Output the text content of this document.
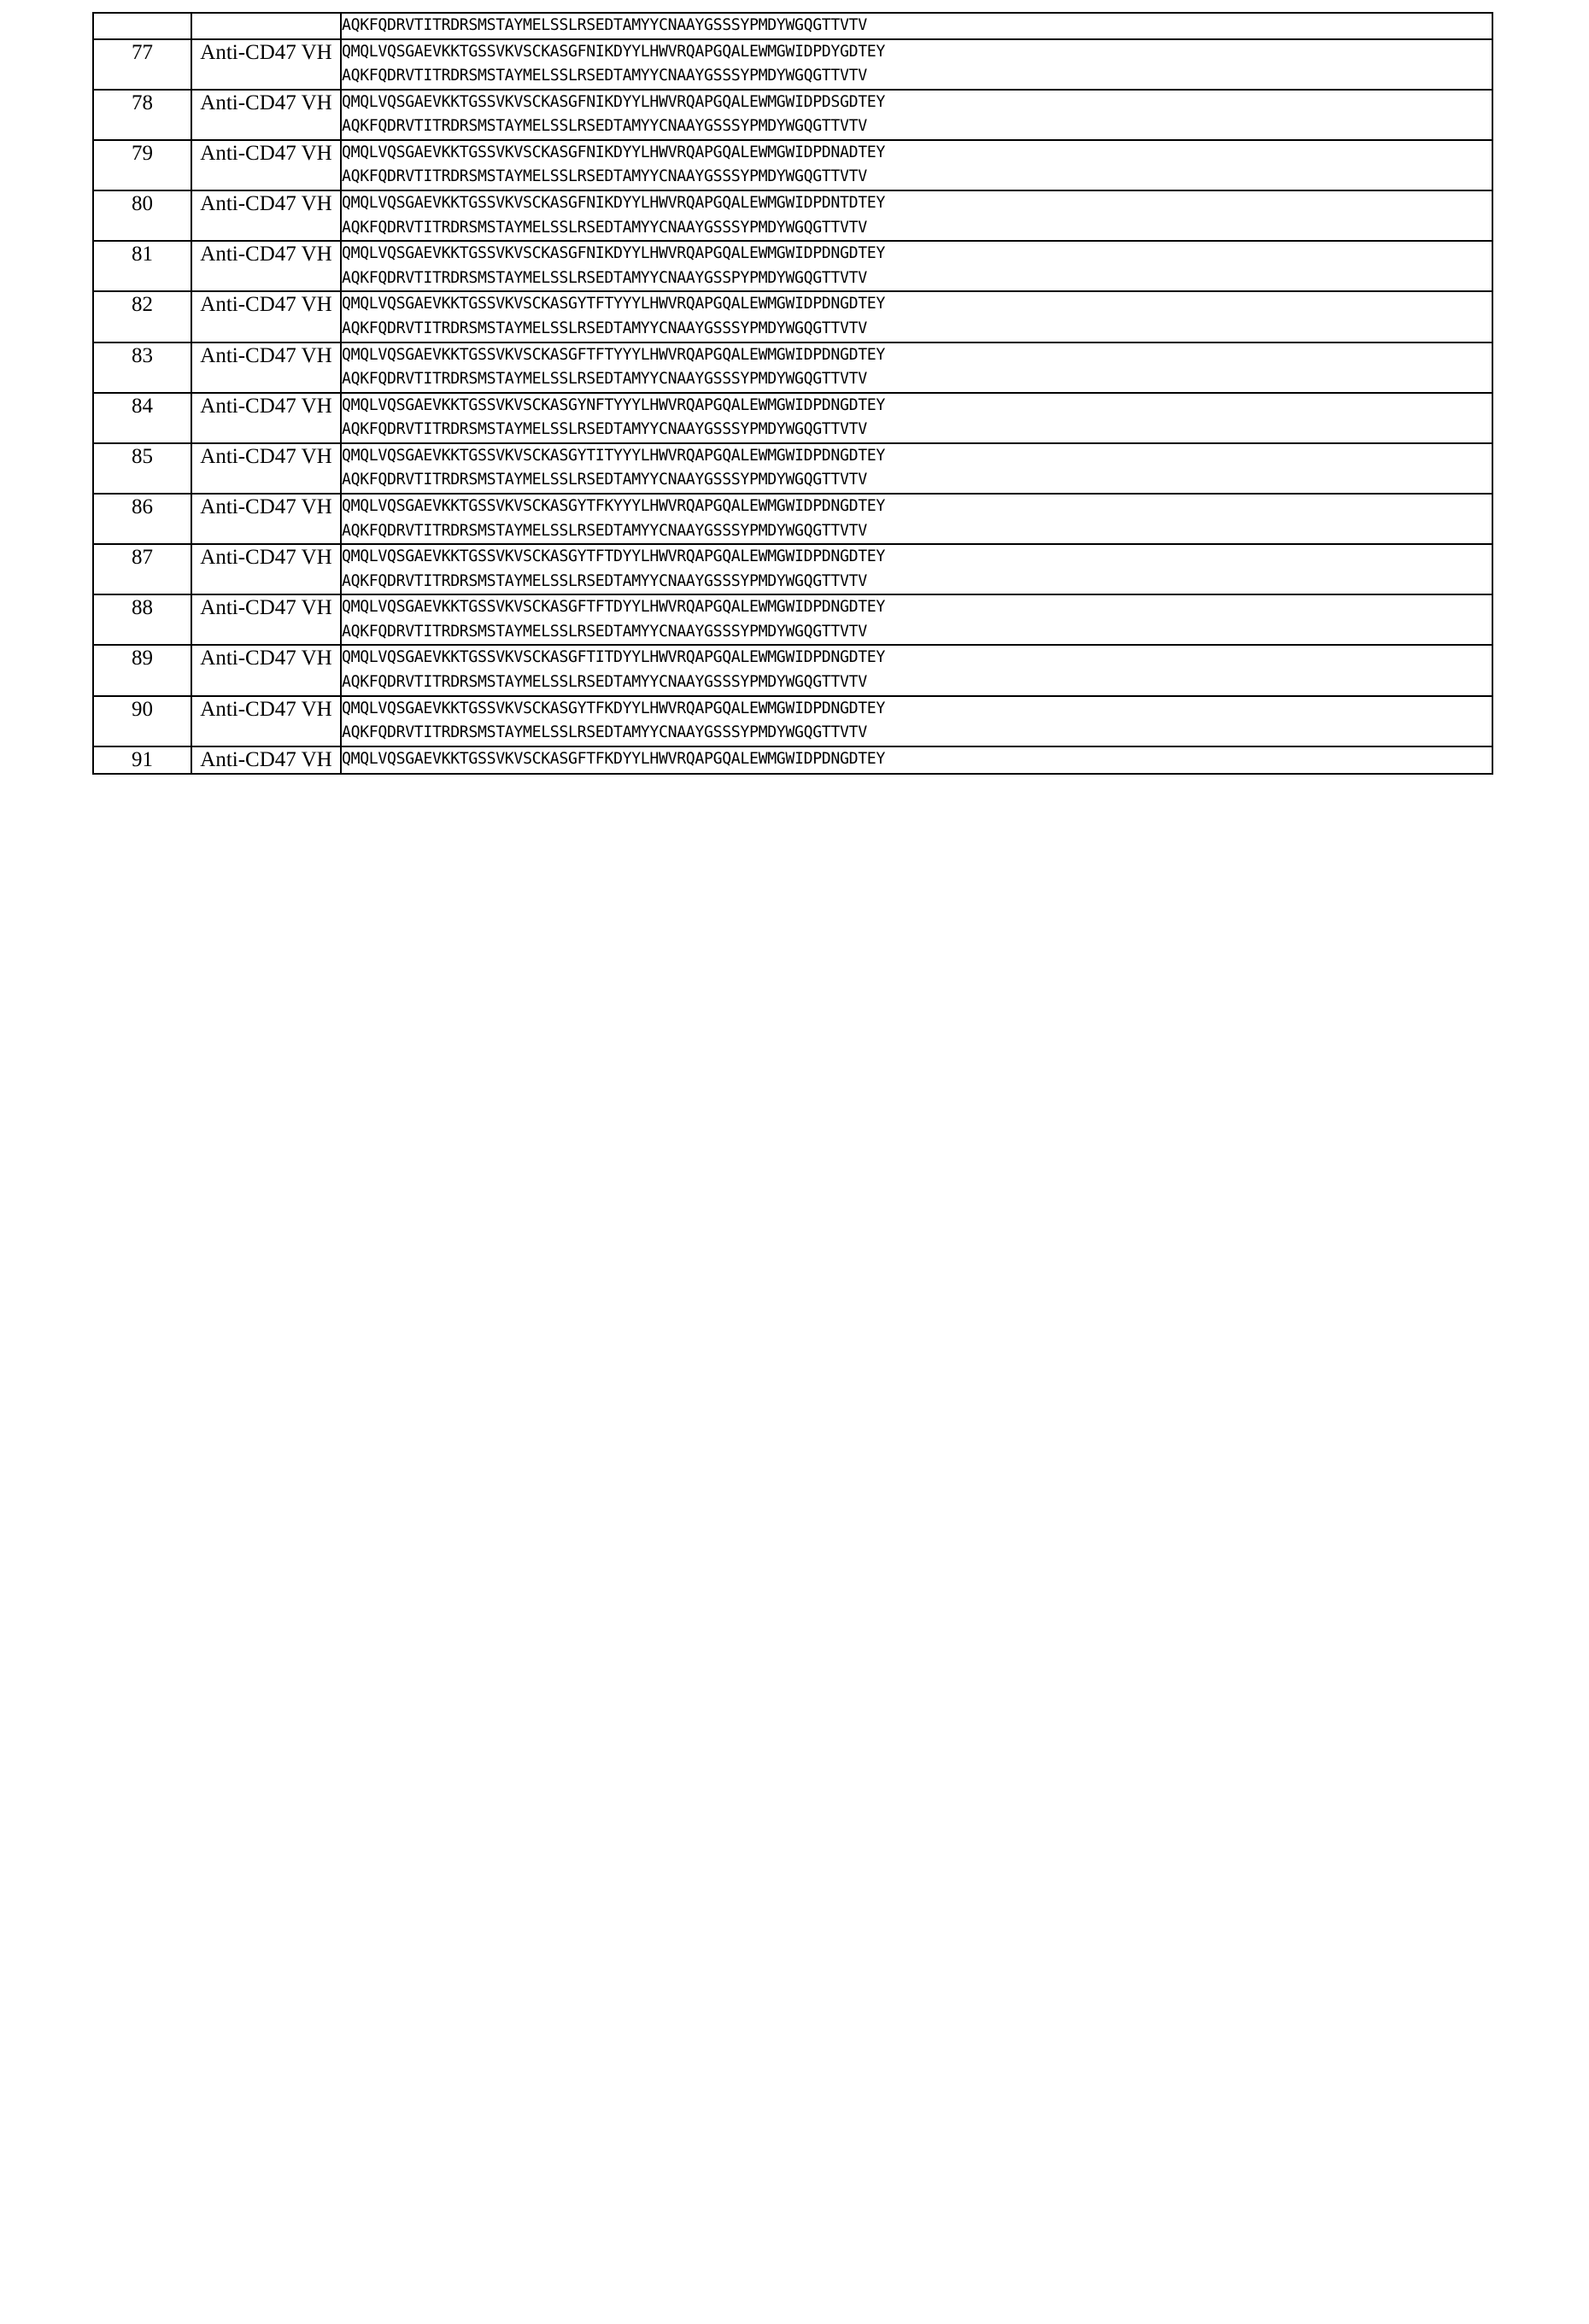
		AQKFQDRVTITRDRSMSTAYMELSSLRSEDTAMYYCNAAYGSSSYPMDYWGQGTTVTV

77	Anti-CD47 VH	QMQLVQSGAEVKKTGSSVKVSCKASGFNIKDYYLHWVRQAPGQALEWMGWIDPDYGDTEY

AQKFQDRVTITRDRSMSTAYMELSSLRSEDTAMYYCNAAYGSSSYPMDYWGQGTTVTV

78	Anti-CD47 VH	QMQLVQSGAEVKKTGSSVKVSCKASGFNIKDYYLHWVRQAPGQALEWMGWIDPDSGDTEY

AQKFQDRVTITRDRSMSTAYMELSSLRSEDTAMYYCNAAYGSSSYPMDYWGQGTTVTV

79	Anti-CD47 VH	QMQLVQSGAEVKKTGSSVKVSCKASGFNIKDYYLHWVRQAPGQALEWMGWIDPDNADTEY

AQKFQDRVTITRDRSMSTAYMELSSLRSEDTAMYYCNAAYGSSSYPMDYWGQGTTVTV

80	Anti-CD47 VH	QMQLVQSGAEVKKTGSSVKVSCKASGFNIKDYYLHWVRQAPGQALEWMGWIDPDNTDTEY

AQKFQDRVTITRDRSMSTAYMELSSLRSEDTAMYYCNAAYGSSSYPMDYWGQGTTVTV

81	Anti-CD47 VH	QMQLVQSGAEVKKTGSSVKVSCKASGFNIKDYYLHWVRQAPGQALEWMGWIDPDNGDTEY

AQKFQDRVTITRDRSMSTAYMELSSLRSEDTAMYYCNAAYGSSPYPMDYWGQGTTVTV

82	Anti-CD47 VH	QMQLVQSGAEVKKTGSSVKVSCKASGYTFTYYYLHWVRQAPGQALEWMGWIDPDNGDTEY

AQKFQDRVTITRDRSMSTAYMELSSLRSEDTAMYYCNAAYGSSSYPMDYWGQGTTVTV

83	Anti-CD47 VH	QMQLVQSGAEVKKTGSSVKVSCKASGFTFTYYYLHWVRQAPGQALEWMGWIDPDNGDTEY

AQKFQDRVTITRDRSMSTAYMELSSLRSEDTAMYYCNAAYGSSSYPMDYWGQGTTVTV

84	Anti-CD47 VH	QMQLVQSGAEVKKTGSSVKVSCKASGYNFTYYYLHWVRQAPGQALEWMGWIDPDNGDTEY

AQKFQDRVTITRDRSMSTAYMELSSLRSEDTAMYYCNAAYGSSSYPMDYWGQGTTVTV

85	Anti-CD47 VH	QMQLVQSGAEVKKTGSSVKVSCKASGYTITYYYLHWVRQAPGQALEWMGWIDPDNGDTEY

AQKFQDRVTITRDRSMSTAYMELSSLRSEDTAMYYCNAAYGSSSYPMDYWGQGTTVTV

86	Anti-CD47 VH	QMQLVQSGAEVKKTGSSVKVSCKASGYTFKYYYLHWVRQAPGQALEWMGWIDPDNGDTEY

AQKFQDRVTITRDRSMSTAYMELSSLRSEDTAMYYCNAAYGSSSYPMDYWGQGTTVTV

87	Anti-CD47 VH	QMQLVQSGAEVKKTGSSVKVSCKASGYTFTDYYLHWVRQAPGQALEWMGWIDPDNGDTEY

AQKFQDRVTITRDRSMSTAYMELSSLRSEDTAMYYCNAAYGSSSYPMDYWGQGTTVTV

88	Anti-CD47 VH	QMQLVQSGAEVKKTGSSVKVSCKASGFTFTDYYLHWVRQAPGQALEWMGWIDPDNGDTEY

AQKFQDRVTITRDRSMSTAYMELSSLRSEDTAMYYCNAAYGSSSYPMDYWGQGTTVTV

89	Anti-CD47 VH	QMQLVQSGAEVKKTGSSVKVSCKASGFTITDYYLHWVRQAPGQALEWMGWIDPDNGDTEY

AQKFQDRVTITRDRSMSTAYMELSSLRSEDTAMYYCNAAYGSSSYPMDYWGQGTTVTV

90	Anti-CD47 VH	QMQLVQSGAEVKKTGSSVKVSCKASGYTFKDYYLHWVRQAPGQALEWMGWIDPDNGDTEY

AQKFQDRVTITRDRSMSTAYMELSSLRSEDTAMYYCNAAYGSSSYPMDYWGQGTTVTV

91	Anti-CD47 VH	QMQLVQSGAEVKKTGSSVKVSCKASGFTFKDYYLHWVRQAPGQALEWMGWIDPDNGDTEY
